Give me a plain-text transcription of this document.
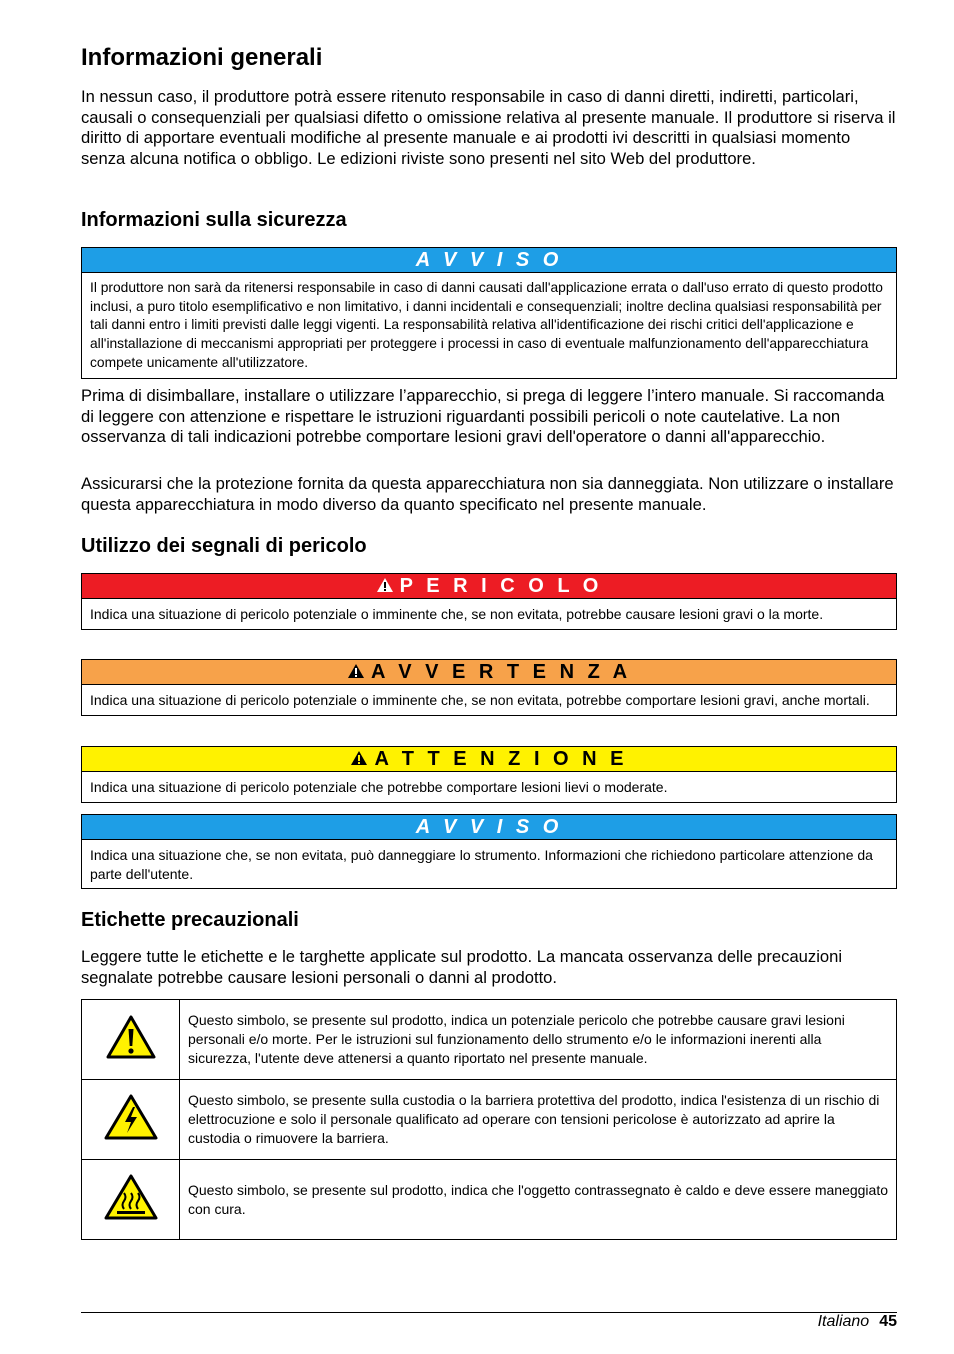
Informazioni generali

In nessun caso, il produttore potrà essere ritenuto responsabile in caso di danni diretti, indiretti, particolari, causali o consequenziali per qualsiasi difetto o omissione relativa al presente manuale. Il produttore si riserva il diritto di apportare eventuali modifiche al presente manuale e ai prodotti ivi descritti in qualsiasi momento senza alcuna notifica o obbligo. Le edizioni riviste sono presenti nel sito Web del produttore.

Informazioni sulla sicurezza
A V V I S O
Il produttore non sarà da ritenersi responsabile in caso di danni causati dall'applicazione errata o dall'uso errato di questo prodotto inclusi, a puro titolo esemplificativo e non limitativo, i danni incidentali e consequenziali; inoltre declina qualsiasi responsabilità per tali danni entro i limiti previsti dalle leggi vigenti. La responsabilità relativa all'identificazione dei rischi critici dell'applicazione e all'installazione di meccanismi appropriati per proteggere i processi in caso di eventuale malfunzionamento dell'apparecchiatura compete unicamente all'utilizzatore.

Prima di disimballare, installare o utilizzare l’apparecchio, si prega di leggere l’intero manuale. Si raccomanda di leggere con attenzione e rispettare le istruzioni riguardanti possibili pericoli o note cautelative. La non osservanza di tali indicazioni potrebbe comportare lesioni gravi dell'operatore o danni all'apparecchio.

Assicurarsi che la protezione fornita da questa apparecchiatura non sia danneggiata. Non utilizzare o installare questa apparecchiatura in modo diverso da quanto specificato nel presente manuale.

Utilizzo dei segnali di pericolo
P E R I C O L O
Indica una situazione di pericolo potenziale o imminente che, se non evitata, potrebbe causare lesioni gravi o la morte.
A V V E R T E N Z A
Indica una situazione di pericolo potenziale o imminente che, se non evitata, potrebbe comportare lesioni gravi, anche mortali.
A T T E N Z I O N E
Indica una situazione di pericolo potenziale che potrebbe comportare lesioni lievi o moderate.
A V V I S O
Indica una situazione che, se non evitata, può danneggiare lo strumento. Informazioni che richiedono particolare attenzione da parte dell'utente.
Etichette precauzionali

Leggere tutte le etichette e le targhette applicate sul prodotto. La mancata osservanza delle precauzioni segnalate potrebbe causare lesioni personali o danni al prodotto.

	Questo simbolo, se presente sul prodotto, indica un potenziale pericolo che potrebbe causare gravi lesioni personali e/o morte. Per le istruzioni sul funzionamento dello strumento e/o le informazioni inerenti alla sicurezza, l'utente deve attenersi a quanto riportato nel presente manuale.
	Questo simbolo, se presente sulla custodia o la barriera protettiva del prodotto, indica l'esistenza di un rischio di elettrocuzione e solo il personale qualificato ad operare con tensioni pericolose è autorizzato ad aprire la custodia o rimuovere la barriera.
	Questo simbolo, se presente sul prodotto, indica che l'oggetto contrassegnato è caldo e deve essere maneggiato con cura.
Italiano 45
